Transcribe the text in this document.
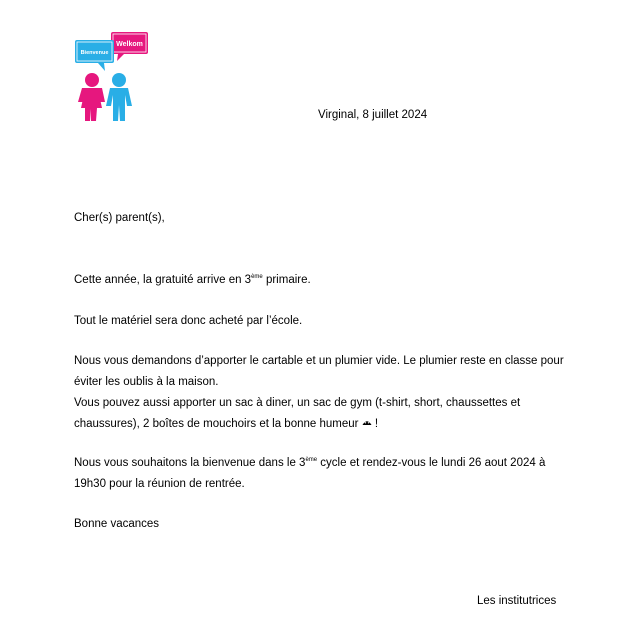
Welkom
Bienvenue
Virginal, 8 juillet 2024
Cher(s) parent(s),

Cette année, la gratuité arrive en 3ème primaire.

Tout le matériel sera donc acheté par l’école.

Nous vous demandons d’apporter le cartable et un plumier vide. Le plumier reste en classe pour éviter les oublis à la maison.

Vous pouvez aussi apporter un sac à diner, un sac de gym (t-shirt, short, chaussettes et chaussures), 2 boîtes de mouchoirs et la bonne humeur  !

Nous vous souhaitons la bienvenue dans le 3ème cycle et rendez-vous le lundi 26 aout 2024 à 19h30 pour la réunion de rentrée.

Bonne vacances

Les institutrices
